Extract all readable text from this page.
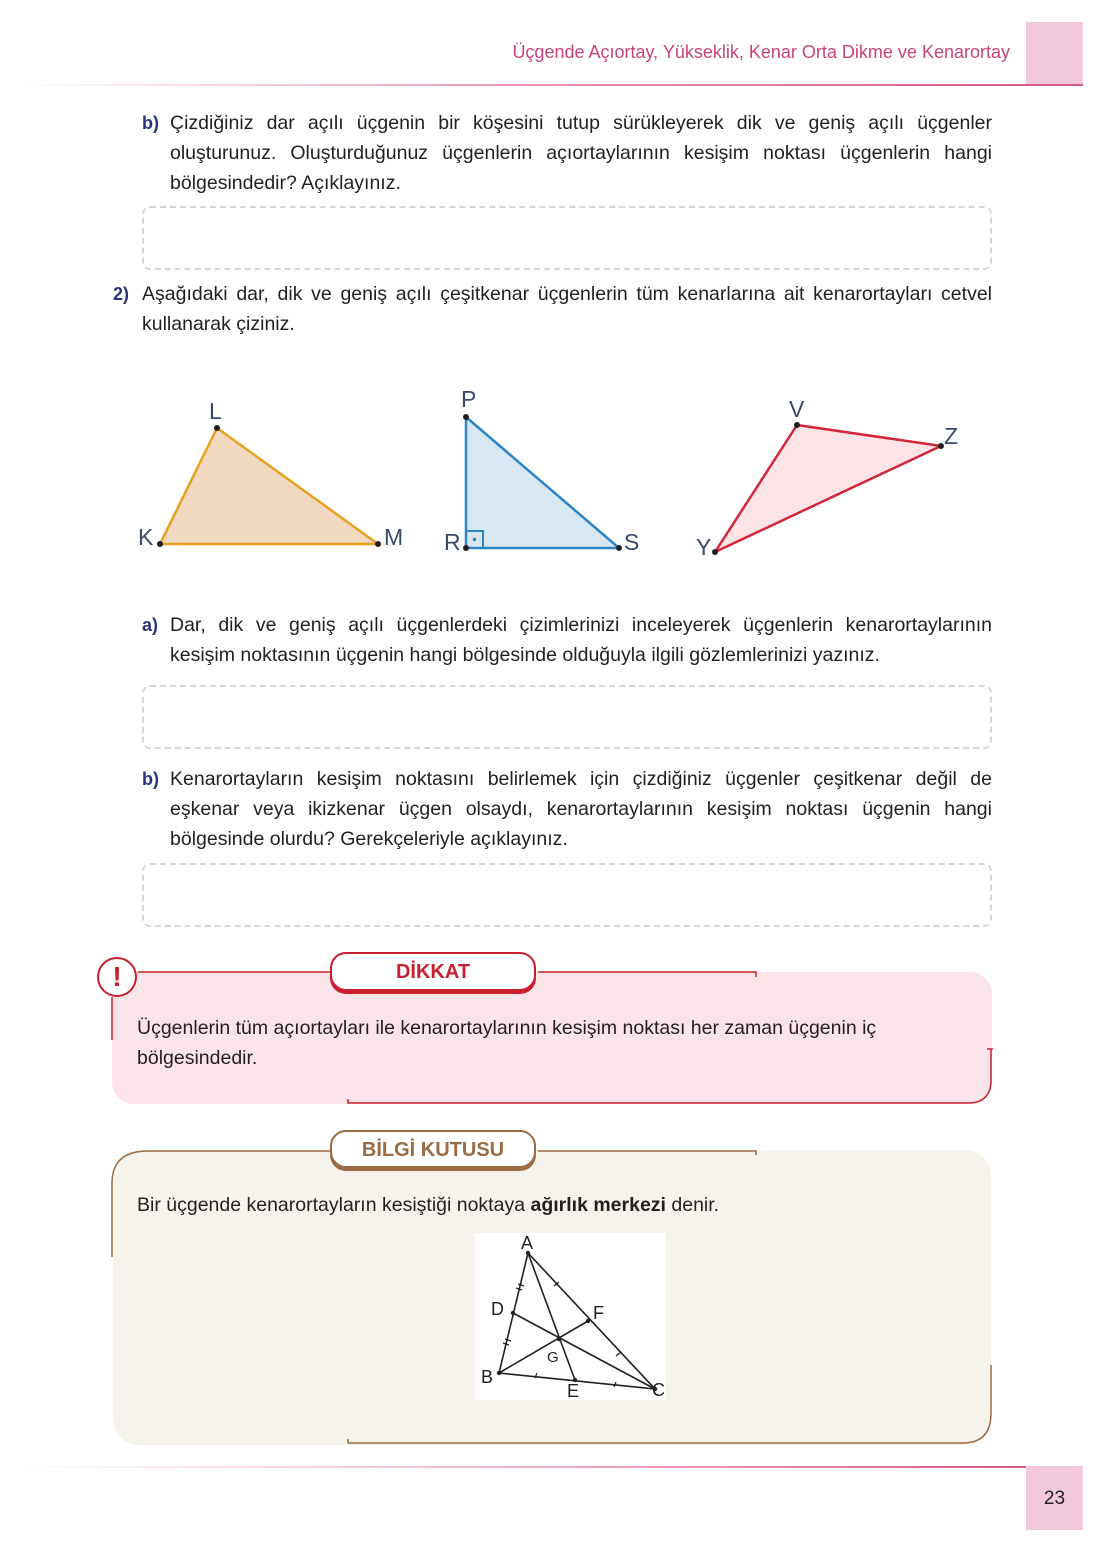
Üçgende Açıortay, Yükseklik, Kenar Orta Dikme ve Kenarortay
b) Çizdiğiniz dar açılı üçgenin bir köşesini tutup sürükleyerek dik ve geniş açılı üçgenler oluşturunuz. Oluşturduğunuz üçgenlerin açıortaylarının kesişim noktası üçgenlerin hangi bölgesindedir? Açıklayınız.
2) Aşağıdaki dar, dik ve geniş açılı çeşitkenar üçgenlerin tüm kenarlarına ait kenarortayları cetvel kullanarak çiziniz.
L
K	M
P
R	S
V
Z
Y
a) Dar, dik ve geniş açılı üçgenlerdeki çizimlerinizi inceleyerek üçgenlerin kenarortaylarının kesişim noktasının üçgenin hangi bölgesinde olduğuyla ilgili gözlemlerinizi yazınız.
b) Kenarortayların kesişim noktasını belirlemek için çizdiğiniz üçgenler çeşitkenar değil de eşkenar veya ikizkenar üçgen olsaydı, kenarortaylarının kesişim noktası üçgenin hangi bölgesinde olurdu? Gerekçeleriyle açıklayınız.
DİKKAT
!
Üçgenlerin tüm açıortayları ile kenarortaylarının kesişim noktası her zaman üçgenin iç bölgesindedir.
BİLGİ KUTUSU
Bir üçgende kenarortayların kesiştiği noktaya ağırlık merkezi denir.
A
D	F
G
B
E	C
23
